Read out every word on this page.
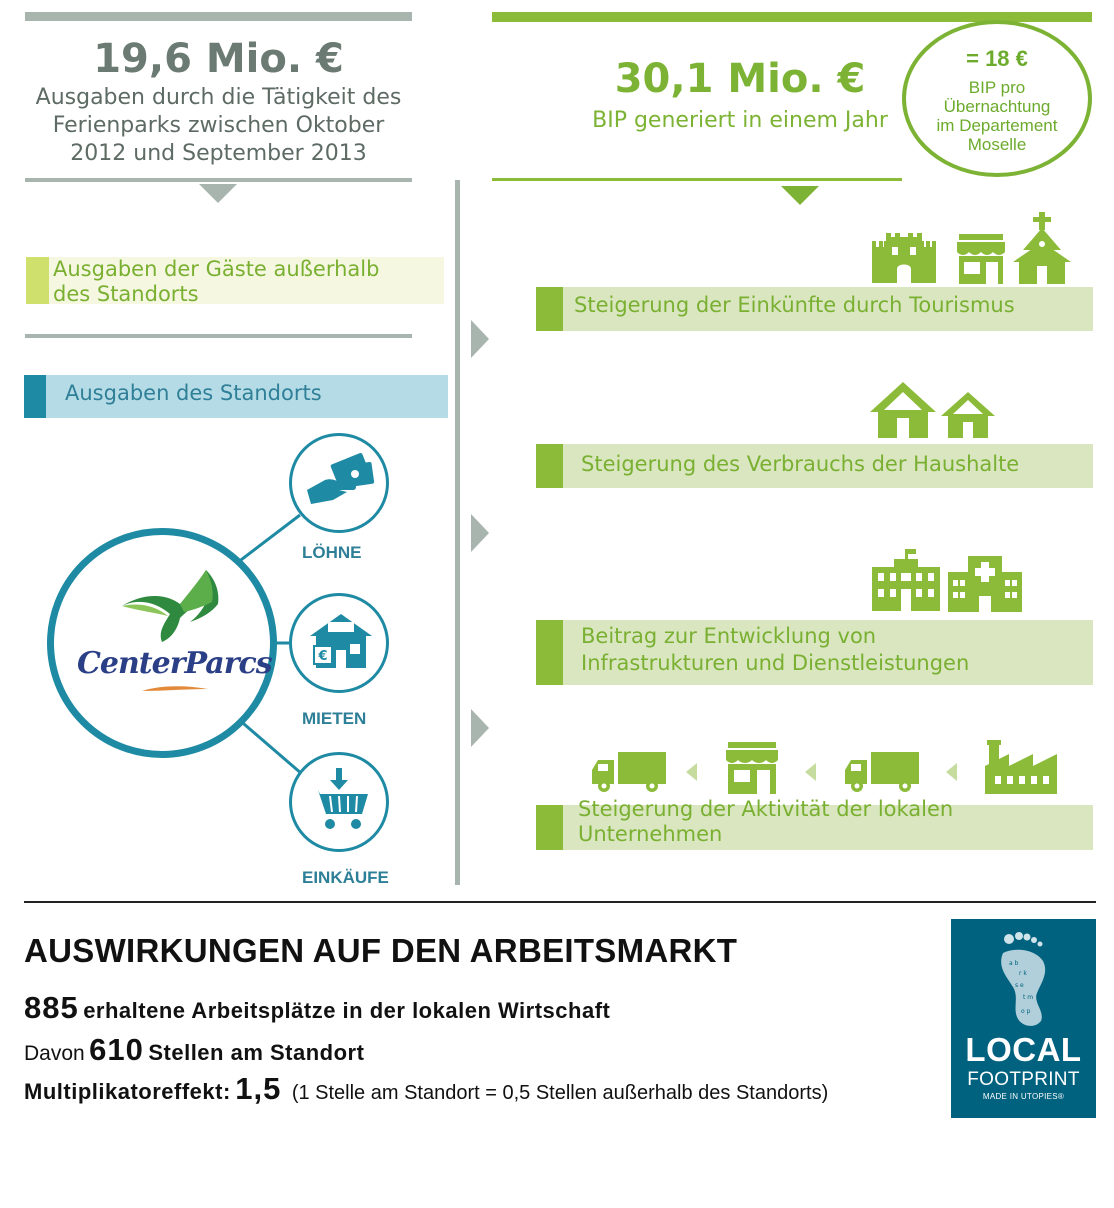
19,6 Mio. €
Ausgaben durch die Tätigkeit des
Ferienparks zwischen Oktober
2012 und September 2013
30,1 Mio. €
BIP generiert in einem Jahr
= 18 €
BIP pro
Übernachtung
im Departement
Moselle
Ausgaben der Gäste außerhalb
des Standorts
Ausgaben des Standorts
CenterParcs
LÖHNE
€
MIETEN
EINKÄUFE
Steigerung der Einkünfte durch Tourismus
Steigerung des Verbrauchs der Haushalte
Beitrag zur Entwicklung von
Infrastrukturen und Dienstleistungen
Steigerung der Aktivität der lokalen
Unternehmen
AUSWIRKUNGEN AUF DEN ARBEITSMARKT
885 erhaltene Arbeitsplätze in der lokalen Wirtschaft
Davon 610 Stellen am Standort
Multiplikatoreffekt: 1,5 (1 Stelle am Standort = 0,5 Stellen außerhalb des Standorts)
a b
r k
s e
t m
o p
LOCAL
FOOTPRINT
MADE IN UTOPIES®
